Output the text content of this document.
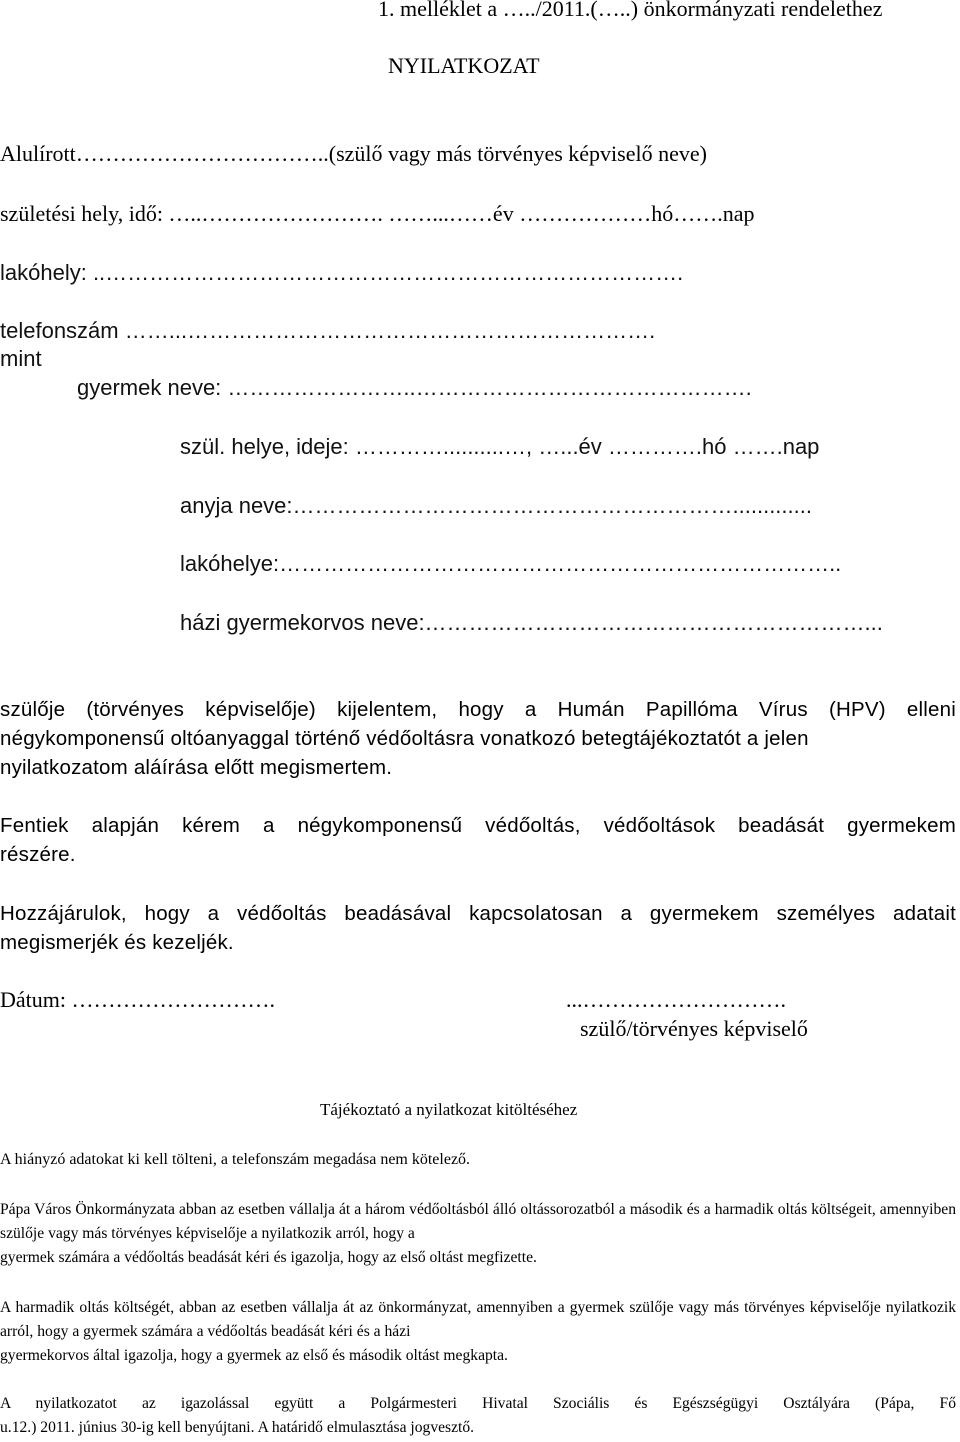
1. melléklet a …../2011.(…..) önkormányzati rendelethez
NYILATKOZAT
Alulírott……………………………..(szülő vagy más törvényes képviselő neve)
születési hely, idő: …..……………………. ……...……év ………………hó…….nap
lakóhely: ..…………………………………………………………………….
telefonszám ……...……………………………………………………….
mint
gyermek neve: ……………………..……………………………………….
szül. helye, ideje: …………..........…, …...év ………….hó …….nap
anyja neve:…………………………………………………….............
lakóhelye:…………………………………………………………………..
házi gyermekorvos neve:……………………………………………………...
szülője (törvényes képviselője) kijelentem, hogy a Humán Papillóma Vírus (HPV) elleni négykomponensű oltóanyaggal történő védőoltásra vonatkozó betegtájékoztatót a jelen
nyilatkozatom aláírása előtt megismertem.
Fentiek alapján kérem a négykomponensű védőoltás, védőoltások beadását gyermekem
részére.
Hozzájárulok, hogy a védőoltás beadásával kapcsolatosan a gyermekem személyes adatait
megismerjék és kezeljék.
Dátum: ……………………….	...……………………….
szülő/törvényes képviselő
Tájékoztató a nyilatkozat kitöltéséhez
A hiányzó adatokat ki kell tölteni, a telefonszám megadása nem kötelező.
Pápa Város Önkormányzata abban az esetben vállalja át a három védőoltásból álló oltássorozatból a második és a harmadik oltás költségeit, amennyiben szülője vagy más törvényes képviselője a nyilatkozik arról, hogy a
gyermek számára a védőoltás beadását kéri és igazolja, hogy az első oltást megfizette.
A harmadik oltás költségét, abban az esetben vállalja át az önkormányzat, amennyiben a gyermek szülője vagy más törvényes képviselője nyilatkozik arról, hogy a gyermek számára a védőoltás beadását kéri és a házi
gyermekorvos által igazolja, hogy a gyermek az első és második oltást megkapta.
A nyilatkozatot az igazolással együtt a Polgármesteri Hivatal Szociális és Egészségügyi Osztályára (Pápa, Fő
u.12.) 2011. június 30-ig kell benyújtani. A határidő elmulasztása jogvesztő.
